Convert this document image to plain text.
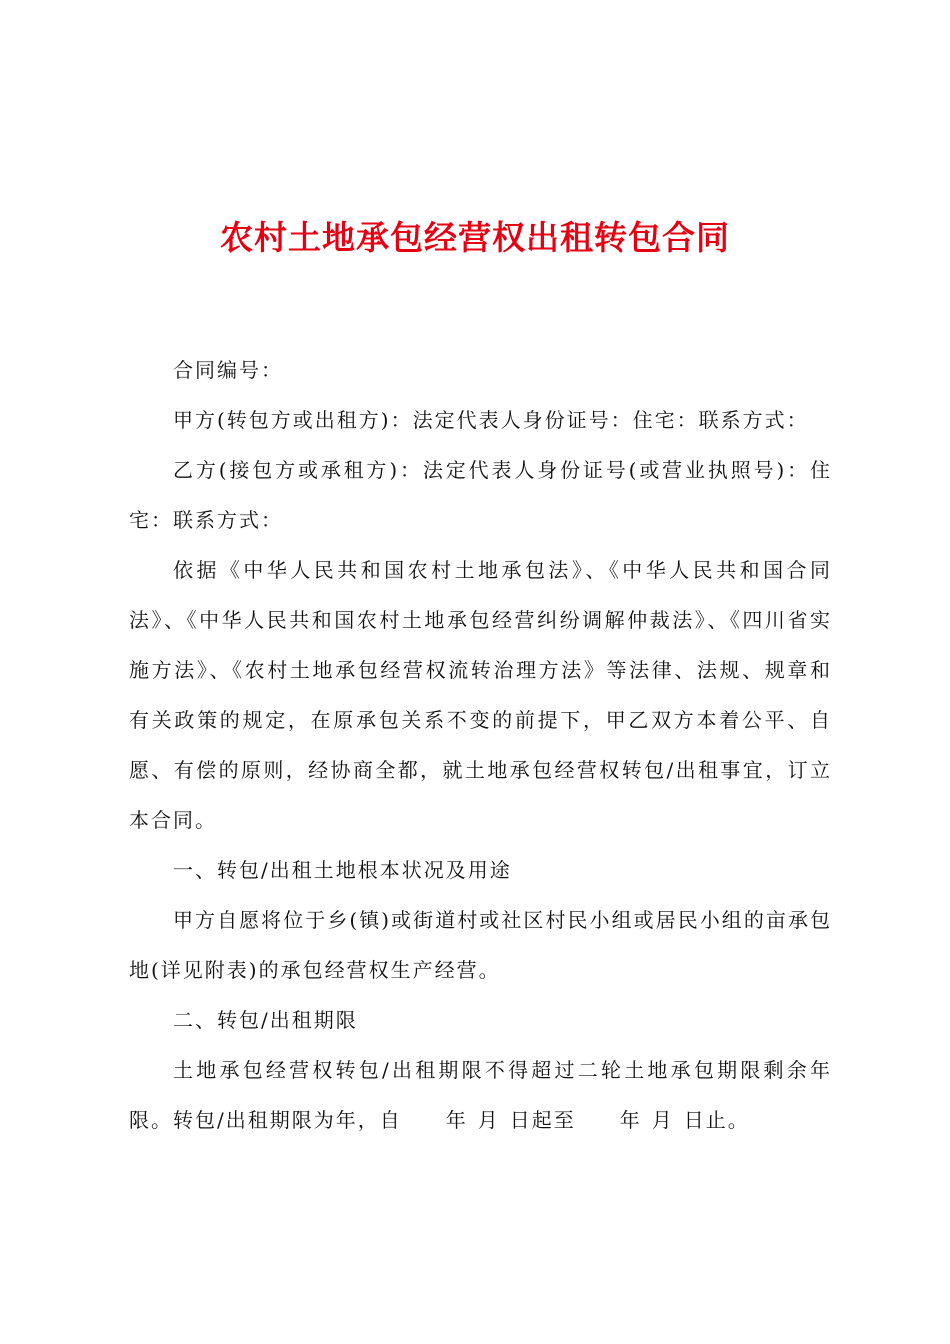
农村土地承包经营权出租转包合同

合同编号：

甲方(转包方或出租方)：法定代表人身份证号：住宅：联系方式：

乙方(接包方或承租方)：法定代表人身份证号(或营业执照号)：住宅：联系方式：

依据《中华人民共和国农村土地承包法》、《中华人民共和国合同法》、《中华人民共和国农村土地承包经营纠纷调解仲裁法》、《四川省实施方法》、《农村土地承包经营权流转治理方法》等法律、法规、规章和有关政策的规定，在原承包关系不变的前提下，甲乙双方本着公平、自愿、有偿的原则，经协商全都，就土地承包经营权转包/出租事宜，订立本合同。

一、转包/出租土地根本状况及用途

甲方自愿将位于乡(镇)或街道村或社区村民小组或居民小组的亩承包地(详见附表)的承包经营权生产经营。

二、转包/出租期限

土地承包经营权转包/出租期限不得超过二轮土地承包期限剩余年限。转包/出租期限为年，自 年 月 日起至 年 月 日止。
